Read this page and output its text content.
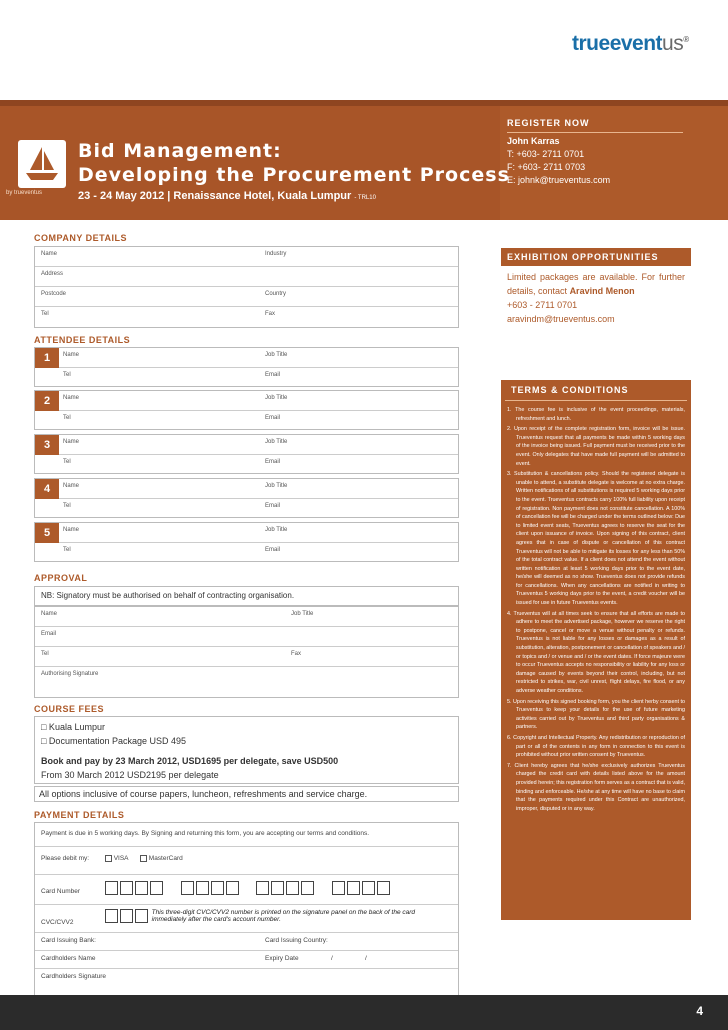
trueeventus®
by trueventus
Bid Management:
Developing the Procurement Process
23 - 24 May 2012 | Renaissance Hotel, Kuala Lumpur - TRL10
REGISTER NOW
John Karras
T: +603- 2711 0701
F: +603- 2711 0703
E: johnk@trueventus.com
COMPANY DETAILS
Name	Industry
Address
Postcode	Country
Tel	Fax
ATTENDEE DETAILS
1	Name	Job Title
Tel	Email
2	Name	Job Title
Tel	Email
3	Name	Job Title
Tel	Email
4	Name	Job Title
Tel	Email
5	Name	Job Title
Tel	Email
APPROVAL
NB: Signatory must be authorised on behalf of contracting organisation.
Name	Job Title
Email
Tel	Fax
Authorising Signature
COURSE FEES
□ Kuala Lumpur
□ Documentation Package USD 495
Book and pay by 23 March 2012, USD1695 per delegate, save USD500
From 30 March 2012 USD2195 per delegate
All options inclusive of course papers, luncheon, refreshments and service charge.
PAYMENT DETAILS
Payment is due in 5 working days. By Signing and returning this form, you are accepting our terms and conditions.
Please debit my:	VISA	MasterCard
Card Number
CVC/CVV2  This three-digit CVC/CVV2 number is printed on the signature panel on the back of the card immediately after the card's account number.
Card Issuing Bank:	Card Issuing Country:
Cardholders Name	Expiry Date	/	/
Cardholders Signature
EXHIBITION OPPORTUNITIES
Limited packages are available. For further details, contact Aravind Menon
+603 - 2711 0701
aravindm@trueventus.com
TERMS & CONDITIONS
1. The course fee is inclusive of the event proceedings, materials, refreshment and lunch.
2. Upon receipt of the complete registration form, invoice will be issue. Trueventus request that all payments be made within 5 working days of the invoice being issued. Full payment must be received prior to the event. Only delegates that have made full payment will be admitted to event.
3. Substitution & cancellations policy. Should the registered delegate is unable to attend, a substitute delegate is welcome at no extra charge. Written notifications of all substitutions is required 5 working days prior to the event. Trueventus contracts carry 100% full liability upon receipt of registration. Non payment does not constitute cancellation. A 100% of cancellation fee will be charged under the terms outlined below: Due to limited event seats, Trueventus agrees to reserve the seat for the client upon issuance of invoice. Upon signing of this contract, client agrees that in case of dispute or cancellation of this contract Trueventus will not be able to mitigate its losses for any less than 50% of the total contract value. If a client does not attend the event without written notification at least 5 working days prior to the event date, he/she will deemed as no show. Trueventus does not provide refunds for cancellations. When any cancellations are notified in writing to Trueventus 5 working days prior to the event, a credit voucher will be issued for use in future Trueventus events.
4. Trueventus will at all times seek to ensure that all efforts are made to adhere to meet the advertised package, however we reserve the right to postpone, cancel or move a venue without penalty or refunds. Trueventus is not liable for any losses or damages as a result of substitution, alteration, postponement or cancellation of speakers and / or topics and / or venue and / or the event dates. If force majeure were to occur Trueventus accepts no responsibility or liability for any loss or damage caused by events beyond their control, including, but not restricted to strikes, war, civil unrest, flight delays, fire flood, or any adverse weather conditions.
5. Upon receiving this signed booking form, you the client herby consent to Trueventus to keep your details for the use of future marketing activities carried out by Trueventus and third party organisations & partners.
6. Copyright and Intellectual Property. Any redistribution or reproduction of part or all of the contents in any form in connection to this event is prohibited without prior written consent by Trueventus.
7. Client hereby agrees that he/she exclusively authorizes Trueventus charged the credit card with details listed above for the amount provided herein; this registration form serves as a contract that is valid, binding and enforceable. He/she at any time will have no base to claim that the payments required under this Contract are unauthorized, improper, disputed or in any way.
4
